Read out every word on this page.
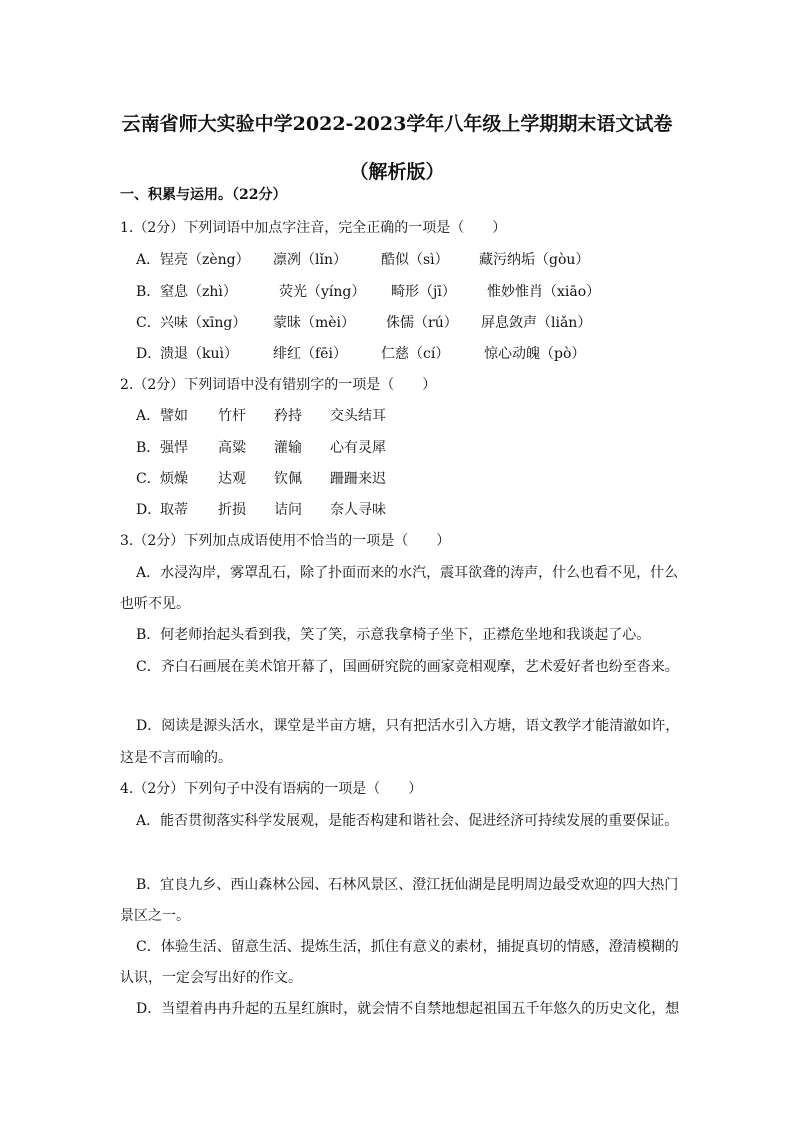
云南省师大实验中学2022-2023学年八年级上学期期末语文试卷
（解析版）
一、积累与运用。（22分）
1.（2分）下列词语中加点字注音，完全正确的一项是（　　）
A． 锃亮（zèng） 凛冽（lǐn） 酷似（sì） 藏污纳垢（gòu）
B． 窒息（zhì）	荧光（yíng） 畸形（jī） 惟妙惟肖（xiāo）
C． 兴味（xīng） 蒙昧（mèi） 侏儒（rú） 屏息敛声（liǎn）
D．
溃退（kuì）	绯红（fēi） 仁慈（cí） 惊心动魄（pò）
2.（2分）下列词语中没有错别字的一项是（　　）
A． 譬如 竹杆 矜持 交头结耳
B． 强悍 高粱 灌输 心有灵犀
C． 烦燥 达观 钦佩 跚跚来迟
D．
取蒂 折损 诘问 奈人寻味
3.（2分）下列加点成语使用不恰当的一项是（　　）
A．水浸沟岸，雾罩乱石，除了扑面而来的水汽，震耳欲聋的涛声，什么也看不见，什么
也听不见。
B．何老师抬起头看到我，笑了笑，示意我拿椅子坐下，正襟危坐地和我谈起了心。
C．齐白石画展在美术馆开幕了，国画研究院的画家竞相观摩，艺术爱好者也纷至沓来。
D．阅读是源头活水，课堂是半亩方塘，只有把活水引入方塘，语文教学才能清澈如许，
这是不言而喻的。
4.（2分）下列句子中没有语病的一项是（　　）
A．能否贯彻落实科学发展观，是能否构建和谐社会、促进经济可持续发展的重要保证。
B．宜良九乡、西山森林公园、石林风景区、澄江抚仙湖是昆明周边最受欢迎的四大热门
景区之一。
C．体验生活、留意生活、提炼生活，抓住有意义的素材，捕捉真切的情感，澄清模糊的
认识，一定会写出好的作文。
D．当望着冉冉升起的五星红旗时，就会情不自禁地想起祖国五千年悠久的历史文化，想
